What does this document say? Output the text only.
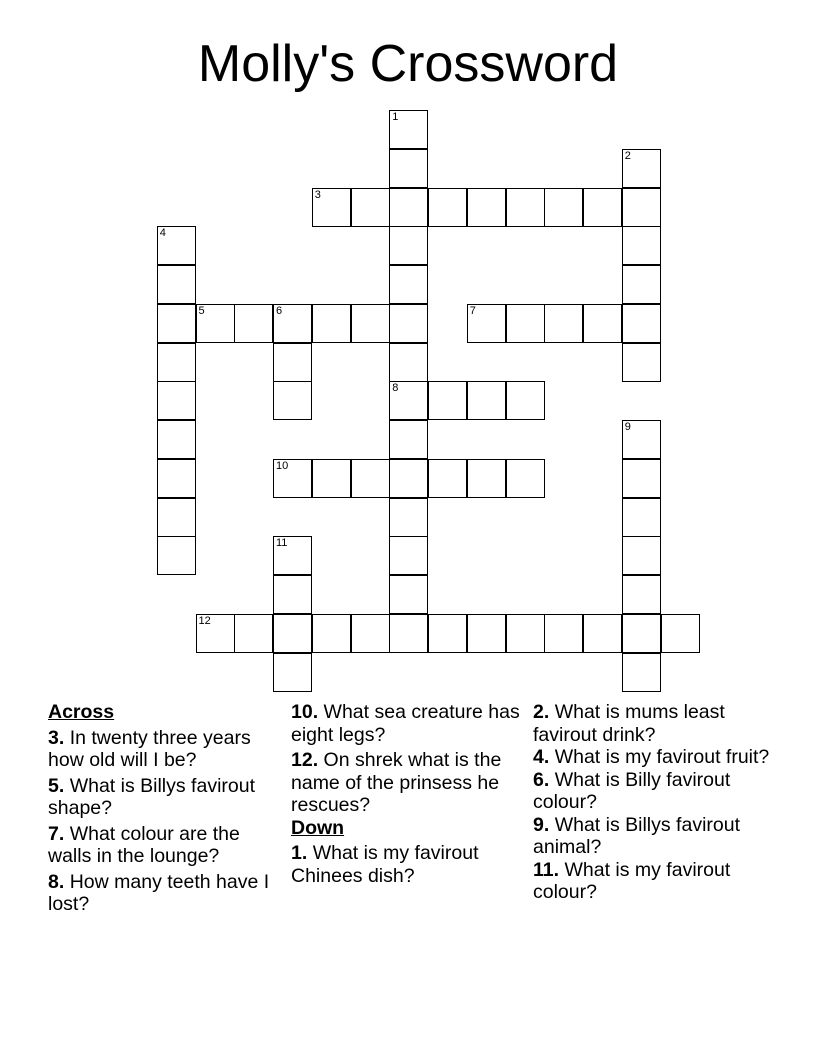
Molly's Crossword
1
8
2
3
4
5	6	7
9
10
11
12
Across
3. In twenty three years how old will I be?
5. What is Billys favirout shape?
7. What colour are the walls in the lounge?
8. How many teeth have I lost?
10. What sea creature has eight legs?
12. On shrek what is the name of the prinsess he rescues?
Down
1. What is my favirout Chinees dish?
2. What is mums least favirout drink?
4. What is my favirout fruit?
6. What is Billy favirout colour?
9. What is Billys favirout animal?
11. What is my favirout colour?
